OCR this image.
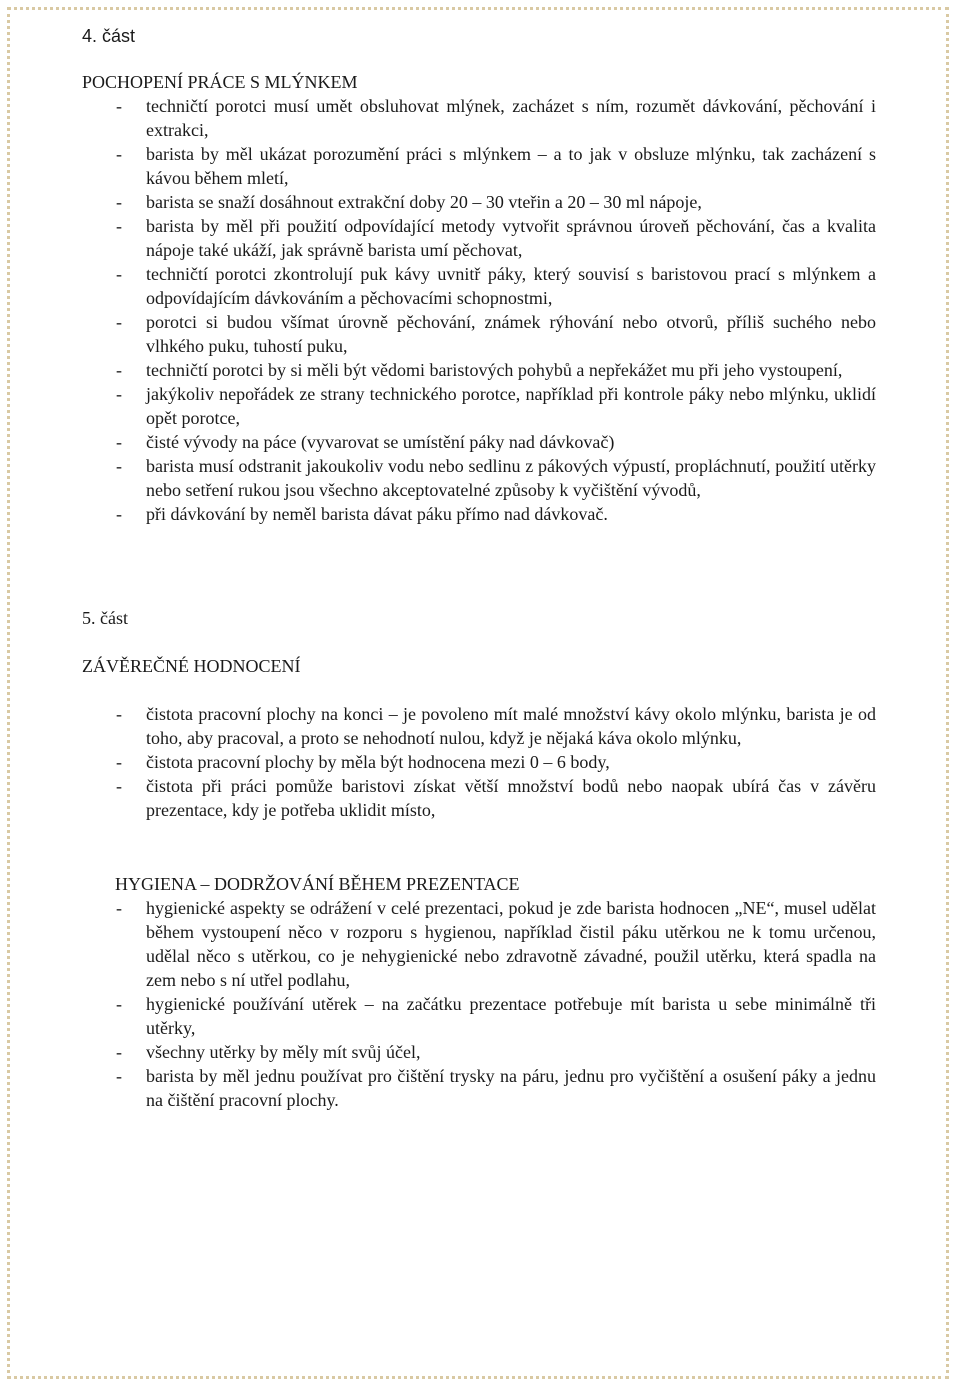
4. část

POCHOPENÍ PRÁCE S MLÝNKEM

- techničtí porotci musí umět obsluhovat mlýnek, zacházet s ním, rozumět dávkování, pěchování i extrakci,
- barista by měl ukázat porozumění práci s mlýnkem – a to jak v obsluze mlýnku, tak zacházení s kávou během mletí,
- barista se snaží dosáhnout extrakční doby 20 – 30 vteřin a 20 – 30 ml nápoje,
- barista by měl při použití odpovídající metody vytvořit správnou úroveň pěchování, čas a kvalita nápoje také ukáží, jak správně barista umí pěchovat,
- techničtí porotci zkontrolují puk kávy uvnitř páky, který souvisí s baristovou prací s mlýnkem a odpovídajícím dávkováním a pěchovacími schopnostmi,
- porotci si budou všímat úrovně pěchování, známek rýhování nebo otvorů, příliš suchého nebo vlhkého puku, tuhostí puku,
- techničtí porotci by si měli být vědomi baristových pohybů a nepřekážet mu při jeho vystoupení,
- jakýkoliv nepořádek ze strany technického porotce, například při kontrole páky nebo mlýnku, uklidí opět porotce,
- čisté vývody na páce (vyvarovat se umístění páky nad dávkovač)
- barista musí odstranit jakoukoliv vodu nebo sedlinu z pákových výpustí, propláchnutí, použití utěrky nebo setření rukou jsou všechno akceptovatelné způsoby k vyčištění vývodů,
- při dávkování by neměl barista dávat páku přímo nad dávkovač.

5. část

ZÁVĚREČNÉ HODNOCENÍ

- čistota pracovní plochy na konci – je povoleno mít malé množství kávy okolo mlýnku, barista je od toho, aby pracoval, a proto se nehodnotí nulou, když je nějaká káva okolo mlýnku,
- čistota pracovní plochy by měla být hodnocena mezi 0 – 6 body,
- čistota při práci pomůže baristovi získat větší množství bodů nebo naopak ubírá čas v závěru prezentace, kdy je potřeba uklidit místo,

HYGIENA – DODRŽOVÁNÍ BĚHEM PREZENTACE

- hygienické aspekty se odrážení v celé prezentaci, pokud je zde barista hodnocen „NE“, musel udělat během vystoupení něco v rozporu s hygienou, například čistil páku utěrkou ne k tomu určenou, udělal něco s utěrkou, co je nehygienické nebo zdravotně závadné, použil utěrku, která spadla na zem nebo s ní utřel podlahu,
- hygienické používání utěrek – na začátku prezentace potřebuje mít barista u sebe minimálně tři utěrky,
- všechny utěrky by měly mít svůj účel,
- barista by měl jednu používat pro čištění trysky na páru, jednu pro vyčištění a osušení páky a jednu na čištění pracovní plochy.
